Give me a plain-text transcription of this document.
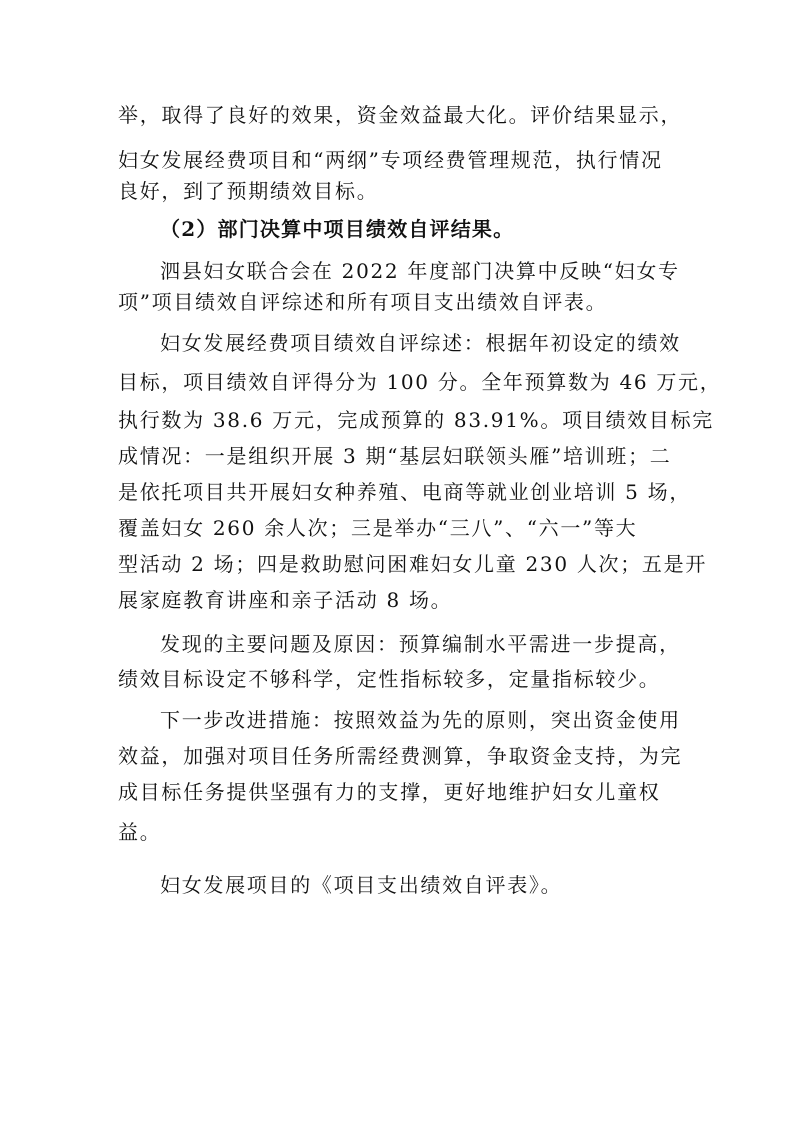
举，取得了良好的效果，资金效益最大化。评价结果显示，
妇女发展经费项目和“两纲”专项经费管理规范，执行情况
良好，到了预期绩效目标。
（2）部门决算中项目绩效自评结果。
泗县妇女联合会在 2022 年度部门决算中反映“妇女专
项”项目绩效自评综述和所有项目支出绩效自评表。
妇女发展经费项目绩效自评综述：根据年初设定的绩效
目标，项目绩效自评得分为 100 分。全年预算数为 46 万元，
执行数为 38.6 万元，完成预算的 83.91%。项目绩效目标完
成情况：一是组织开展 3 期“基层妇联领头雁”培训班；二
是依托项目共开展妇女种养殖、电商等就业创业培训 5 场，
覆盖妇女 260 余人次；三是举办“三八”、“六一”等大
型活动 2 场；四是救助慰问困难妇女儿童 230 人次；五是开
展家庭教育讲座和亲子活动 8 场。
发现的主要问题及原因：预算编制水平需进一步提高，
绩效目标设定不够科学，定性指标较多，定量指标较少。
下一步改进措施：按照效益为先的原则，突出资金使用
效益，加强对项目任务所需经费测算，争取资金支持，为完
成目标任务提供坚强有力的支撑，更好地维护妇女儿童权
益。
妇女发展项目的《项目支出绩效自评表》。
